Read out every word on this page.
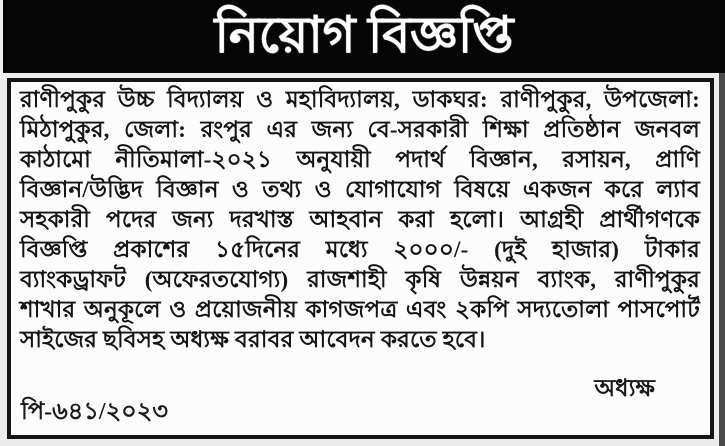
নিয়োগ বিজ্ঞপ্তি
রাণীপুকুর উচ্চ বিদ্যালয় ও মহাবিদ্যালয়, ডাকঘর: রাণীপুকুর, উপজেলা:
মিঠাপুকুর, জেলা: রংপুর এর জন্য বে-সরকারী শিক্ষা প্রতিষ্ঠান জনবল
কাঠামো নীতিমালা-২০২১ অনুযায়ী পদার্থ বিজ্ঞান, রসায়ন, প্রাণি
বিজ্ঞান/উদ্ভিদ বিজ্ঞান ও তথ্য ও যোগাযোগ বিষয়ে একজন করে ল্যাব
সহকারী পদের জন্য দরখাস্ত আহবান করা হলো। আগ্রহী প্রার্থীগণকে
বিজ্ঞপ্তি প্রকাশের ১৫দিনের মধ্যে ২০০০/- (দুই হাজার) টাকার
ব্যাংকড্রাফট (অফেরতযোগ্য) রাজশাহী কৃষি উন্নয়ন ব্যাংক, রাণীপুকুর
শাখার অনুকূলে ও প্রয়োজনীয় কাগজপত্র এবং ২কপি সদ্যতোলা পাসপোর্ট
সাইজের ছবিসহ অধ্যক্ষ বরাবর আবেদন করতে হবে।
অধ্যক্ষ
পি-৬৪১/২০২৩
